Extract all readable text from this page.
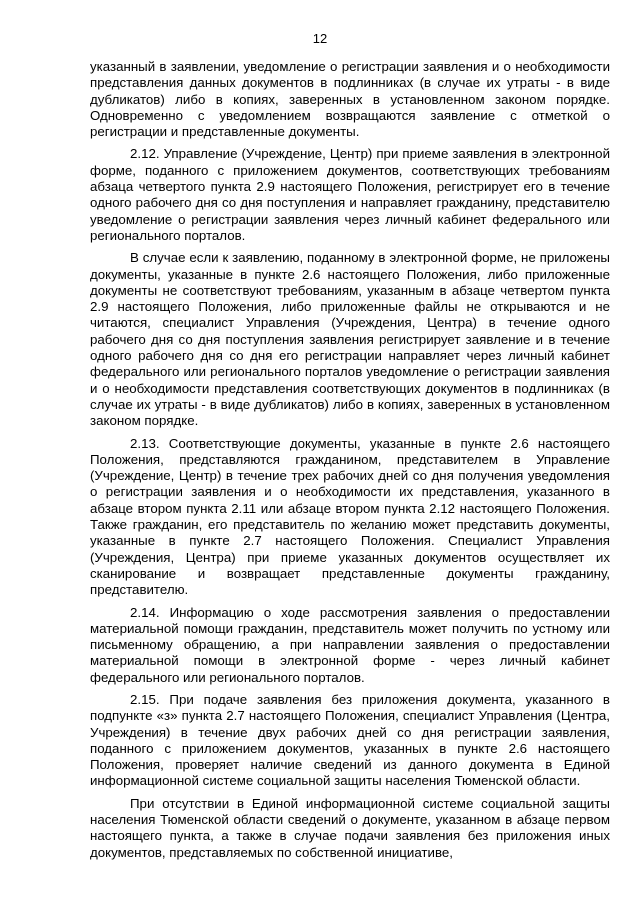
12

указанный в заявлении, уведомление о регистрации заявления и о необходимости представления данных документов в подлинниках (в случае их утраты - в виде дубликатов) либо в копиях, заверенных в установленном законом порядке. Одновременно с уведомлением возвращаются заявление с отметкой о регистрации и представленные документы.

2.12. Управление (Учреждение, Центр) при приеме заявления в электронной форме, поданного с приложением документов, соответствующих требованиям абзаца четвертого пункта 2.9 настоящего Положения, регистрирует его в течение одного рабочего дня со дня поступления и направляет гражданину, представителю уведомление о регистрации заявления через личный кабинет федерального или регионального порталов.

В случае если к заявлению, поданному в электронной форме, не приложены документы, указанные в пункте 2.6 настоящего Положения, либо приложенные документы не соответствуют требованиям, указанным в абзаце четвертом пункта 2.9 настоящего Положения, либо приложенные файлы не открываются и не читаются, специалист Управления (Учреждения, Центра) в течение одного рабочего дня со дня поступления заявления регистрирует заявление и в течение одного рабочего дня со дня его регистрации направляет через личный кабинет федерального или регионального порталов уведомление о регистрации заявления и о необходимости представления соответствующих документов в подлинниках (в случае их утраты - в виде дубликатов) либо в копиях, заверенных в установленном законом порядке.

2.13. Соответствующие документы, указанные в пункте 2.6 настоящего Положения, представляются гражданином, представителем в Управление (Учреждение, Центр) в течение трех рабочих дней со дня получения уведомления о регистрации заявления и о необходимости их представления, указанного в абзаце втором пункта 2.11 или абзаце втором пункта 2.12 настоящего Положения. Также гражданин, его представитель по желанию может представить документы, указанные в пункте 2.7 настоящего Положения. Специалист Управления (Учреждения, Центра) при приеме указанных документов осуществляет их сканирование и возвращает представленные документы гражданину, представителю.

2.14. Информацию о ходе рассмотрения заявления о предоставлении материальной помощи гражданин, представитель может получить по устному или письменному обращению, а при направлении заявления о предоставлении материальной помощи в электронной форме - через личный кабинет федерального или регионального порталов.

2.15. При подаче заявления без приложения документа, указанного в подпункте «з» пункта 2.7 настоящего Положения, специалист Управления (Центра, Учреждения) в течение двух рабочих дней со дня регистрации заявления, поданного с приложением документов, указанных в пункте 2.6 настоящего Положения, проверяет наличие сведений из данного документа в Единой информационной системе социальной защиты населения Тюменской области.

При отсутствии в Единой информационной системе социальной защиты населения Тюменской области сведений о документе, указанном в абзаце первом настоящего пункта, а также в случае подачи заявления без приложения иных документов, представляемых по собственной инициативе,
